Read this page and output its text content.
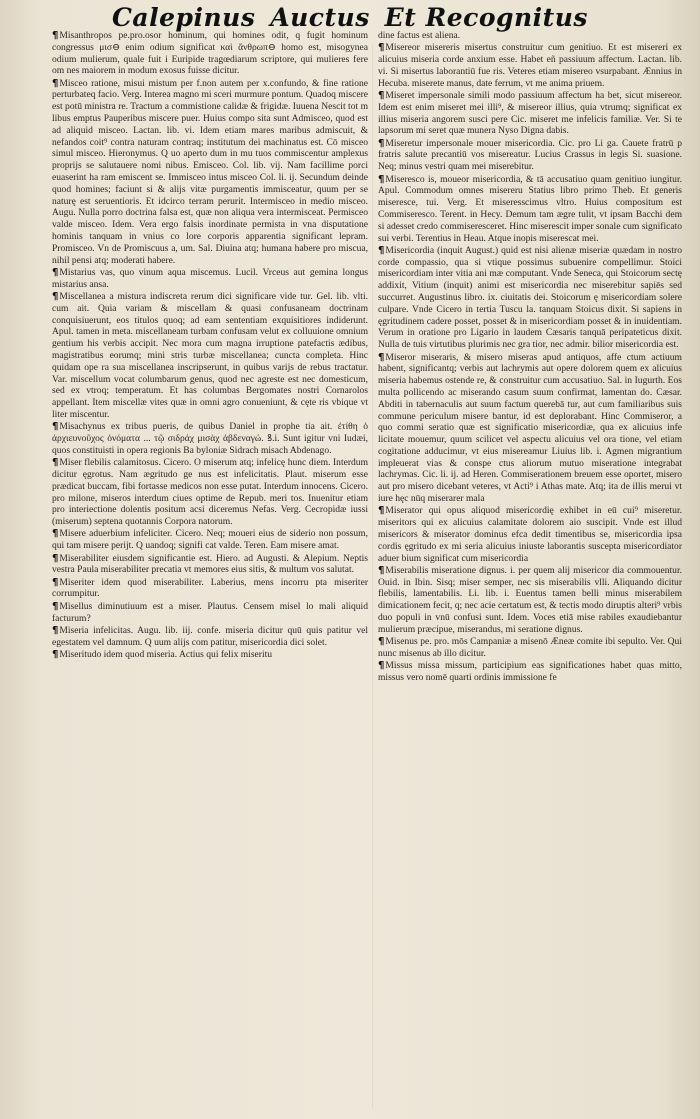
Calepinus Auctus Et Recognitus

¶Misanthropos pe.pro.osor hominum, qui homines odit, q fugit hominum congressus μισ⊖ enim odium significat καὶ ἄνθρωπ⊖ homo est, misogynea odium mulierum, quale fuit i Euripide tragœdiarum scriptore, qui mulieres fere om nes maiorem in modum exosus fuisse dicitur.

¶Misceo ratione, misui mistum per f.non autem per x.confundo, & fine ratione perturbateq facio. Verg. Interea magno mi sceri murmure pontum. Quadoq miscere est potū ministra re. Tractum a commistione calidæ & frigidæ. Iuuena Nescit tot m libus emptus Pauperibus miscere puer. Huius compo sita sunt Admisceo, quod est ad aliquid misceo. Lactan. lib. vi. Idem etiam mares maribus admiscuit, & nefandos coit⁹ contra naturam contraq; institutum dei machinatus est. Cō misceo simul misceo. Hieronymus. Q uo aperto dum in mu tuos commiscentur amplexus proprijs se salutauere nomi nibus. Emisceo. Col. lib. vij. Nam facillime porci euaserint ha ram emiscent se. Immisceo intus misceo Col. li. ij. Secundum deinde quod homines; faciunt si & alijs vitæ purgamentis immisceatur, quum per se naturę est seruentioris. Et idcirco terram perurit. Intermisceo in medio misceo. Augu. Nulla porro doctrina falsa est, quæ non aliqua vera intermisceat. Permisceo valde misceo. Idem. Vera ergo falsis inordinate permista in vna disputatione hominis tanquam in vnius co lore corporis apparentia significant lepram. Promisceo. Vn de Promiscuus a, um. Sal. Diuina atq; humana habere pro miscua, nihil pensi atq; moderati habere.

¶Mistarius vas, quo vinum aqua miscemus. Lucil. Vrceus aut gemina longus mistarius ansa.

¶Miscellanea a mistura indiscreta rerum dici significare vide tur. Gel. lib. vlti. cum ait. Quia variam & miscellam & quasi confusaneam doctrinam conquisiuerunt, eos titulos quoq; ad eam sententiam exquisitiores indiderunt. Apul. tamen in meta. miscellaneam turbam confusam velut ex colluuione omnium gentium his verbis accipit. Nec mora cum magna irruptione patefactis ædibus, magistratibus eorumq; mini stris turbæ miscellanea; cuncta completa. Hinc quidam ope ra sua miscellanea inscripserunt, in quibus varijs de rebus tractatur. Var. miscellum vocat columbarum genus, quod nec agreste est nec domesticum, sed ex vtroq; temperatum. Et has columbas Bergomates nostri Cornarolos appellant. Item miscellæ vites quæ in omni agro conueniunt, & cęte ris vbique vt liter miscentur.

¶Misachynus ex tribus pueris, de quibus Daniel in prophe tia ait. ἐτίθη ὁ ἀρχιευνοῦχος ὀνόματα ... τῷ σιδράχ μισὰχ ἀβδεναγώ. ꝸ.i. Sunt igitur vni Iudæi, quos constituisti in opera regionis Ba byloniæ Sidrach misach Abdenago.

¶Miser flebilis calamitosus. Cicero. O miserum atq; infelicę hunc diem. Interdum dicitur ęgrotus. Nam ægritudo ge nus est infelicitatis. Plaut. miserum esse prædicat buccam, fibi fortasse medicos non esse putat. Interdum innocens. Cicero. pro milone, miseros interdum ciues optime de Repub. meri tos. Inuenitur etiam pro interiectione dolentis positum acsi diceremus Nefas. Verg. Cecropidæ iussi (miserum) septena quotannis Corpora natorum.

¶Misere aduerbium infeliciter. Cicero. Neq; moueri eius de siderio non possum, qui tam misere perijt. Q uandoq; signifi cat valde. Teren. Eam misere amat.

¶Miserabiliter eiusdem significantie est. Hiero. ad Augusti. & Alepium. Neptis vestra Paula miserabiliter precatia vt memores eius sitis, & multum vos salutat.

¶Miseriter idem quod miserabiliter. Laberius, mens incorru pta miseriter corrumpitur.

¶Misellus diminutiuum est a miser. Plautus. Censem misel lo mali aliquid facturum?

¶Miseria infelicitas. Augu. lib. iij. confe. miseria dicitur quū quis patitur vel egestatem vel damnum. Q uum alijs com patitur, misericordia dici solet.

¶Miseritudo idem quod miseria. Actius qui felix miseritu

dine factus est aliena.

¶Misereor misereris misertus construitur cum genitiuo. Et est misereri ex alicuius miseria corde anxium esse. Habet eñ passiuum affectum. Lactan. lib. vi. Si misertus laborantiū fue ris. Veteres etiam misereo vsurpabant. Ænnius in Hecuba. miserete manus, date ferrum, vt me anima priuem.

¶Miseret impersonale simili modo passiuum affectum ha bet, sicut misereor. Idem est enim miseret mei illi⁹, & misereor illius, quia vtrumq; significat ex illius miseria angorem susci pere Cic. miseret me infelicis familiæ. Ver. Si te lapsorum mi seret quæ munera Nyso Digna dabis.

¶Miseretur impersonale mouer misericordia. Cic. pro Li ga. Cauete fratrū p fratris salute precantiū vos misereatur. Lucius Crassus in legis Si. suasione. Neq; minus vestri quam mei miserebitur.

¶Miseresco is, moueor misericordia, & tā accusatiuo quam genitiuo iungitur. Apul. Commodum omnes misereru Statius libro primo Theb. Et generis miseresce, tui. Verg. Et miseresscimus vltro. Huius compositum est Commiseresco. Terent. in Hecy. Demum tam ægre tulit, vt ipsam Bacchi dem si adesset credo commiseresceret. Hinc miserescit imper sonale cum significato sui verbi. Terentius in Heau. Atque inopis miserescat mei.

¶Misericordia (inquit August.) quid est nisi alienæ miseriæ quædam in nostro corde compassio, qua si vtique possimus subuenire compellimur. Stoici misericordiam inter vitia ani mæ computant. Vnde Seneca, qui Stoicorum sectę addixit, Vitium (inquit) animi est misericordia nec miserebitur sapiēs sed succurret. Augustinus libro. ix. ciuitatis dei. Stoicorum ę misericordiam solere culpare. Vnde Cicero in tertia Tuscu la. tanquam Stoicus dixit. Si sapiens in ęgritudinem cadere posset, posset & in misericordiam posset & in inuidentiam. Verum in oratione pro Ligario in laudem Cæsaris tanquā peripateticus dixit. Nulla de tuis virtutibus plurimis nec gra tior, nec admir. bilior misericordia est.

¶Miseror miseraris, & misero miseras apud antiquos, affe ctum actiuum habent, significantq; verbis aut lachrymis aut opere dolorem quem ex alicuius miseria habemus ostende re, & construitur cum accusatiuo. Sal. in Iugurth. Eos multa pollicendo ac miserando casum suum confirmat, lamentan do. Cæsar. Abditi in tabernaculis aut suum factum querebā tur, aut cum familiaribus suis commune periculum misere bantur, id est deplorabant. Hinc Commiseror, a quo commi seratio quæ est significatio misericordiæ, qua ex alicuius infe licitate mouemur, quum scilicet vel aspectu alicuius vel ora tione, vel etiam cogitatione adducimur, vt eius misereamur Liuius lib. i. Agmen migrantium impleuerat vias & conspe ctus aliorum mutuo miseratione integrabat lachrymas. Cic. li. ij. ad Heren. Commiserationem breuem esse oportet, misero aut pro misero dicebant veteres, vt Acti⁹ i Athas mate. Atq; ita de illis merui vt iure hęc nūq miserarer mala

¶Miserator qui opus aliquod misericordię exhibet in eū cui⁹ miseretur. miseritors qui ex alicuius calamitate dolorem aio suscipit. Vnde est illud misericors & miserator dominus efca dedit timentibus se, misericordia ipsa cordis ęgritudo ex mi seria alicuius iniuste laborantis suscepta misericordiator aduer bium significat cum misericordia

¶Miserabilis miseratione dignus. i. per quem alij misericor dia commouentur. Ouid. in Ibin. Sisq; miser semper, nec sis miserabilis vlli. Aliquando dicitur flebilis, lamentabilis. Li. lib. i. Euentus tamen belli minus miserabilem dimicationem fecit, q; nec acie certatum est, & tectis modo diruptis alteri⁹ vrbis duo populi in vnū confusi sunt. Idem. Voces etiā mise rabiles exaudiebantur mulierum præcipue, miserandus, mi seratione dignus.

¶Misenus pe. pro. mōs Campaniæ a misenō Æneæ comite ibi sepulto. Ver. Qui nunc misenus ab illo dicitur.

¶Missus missa missum, participium eas significationes habet quas mitto, missus vero nomē quarti ordinis immissione fe
